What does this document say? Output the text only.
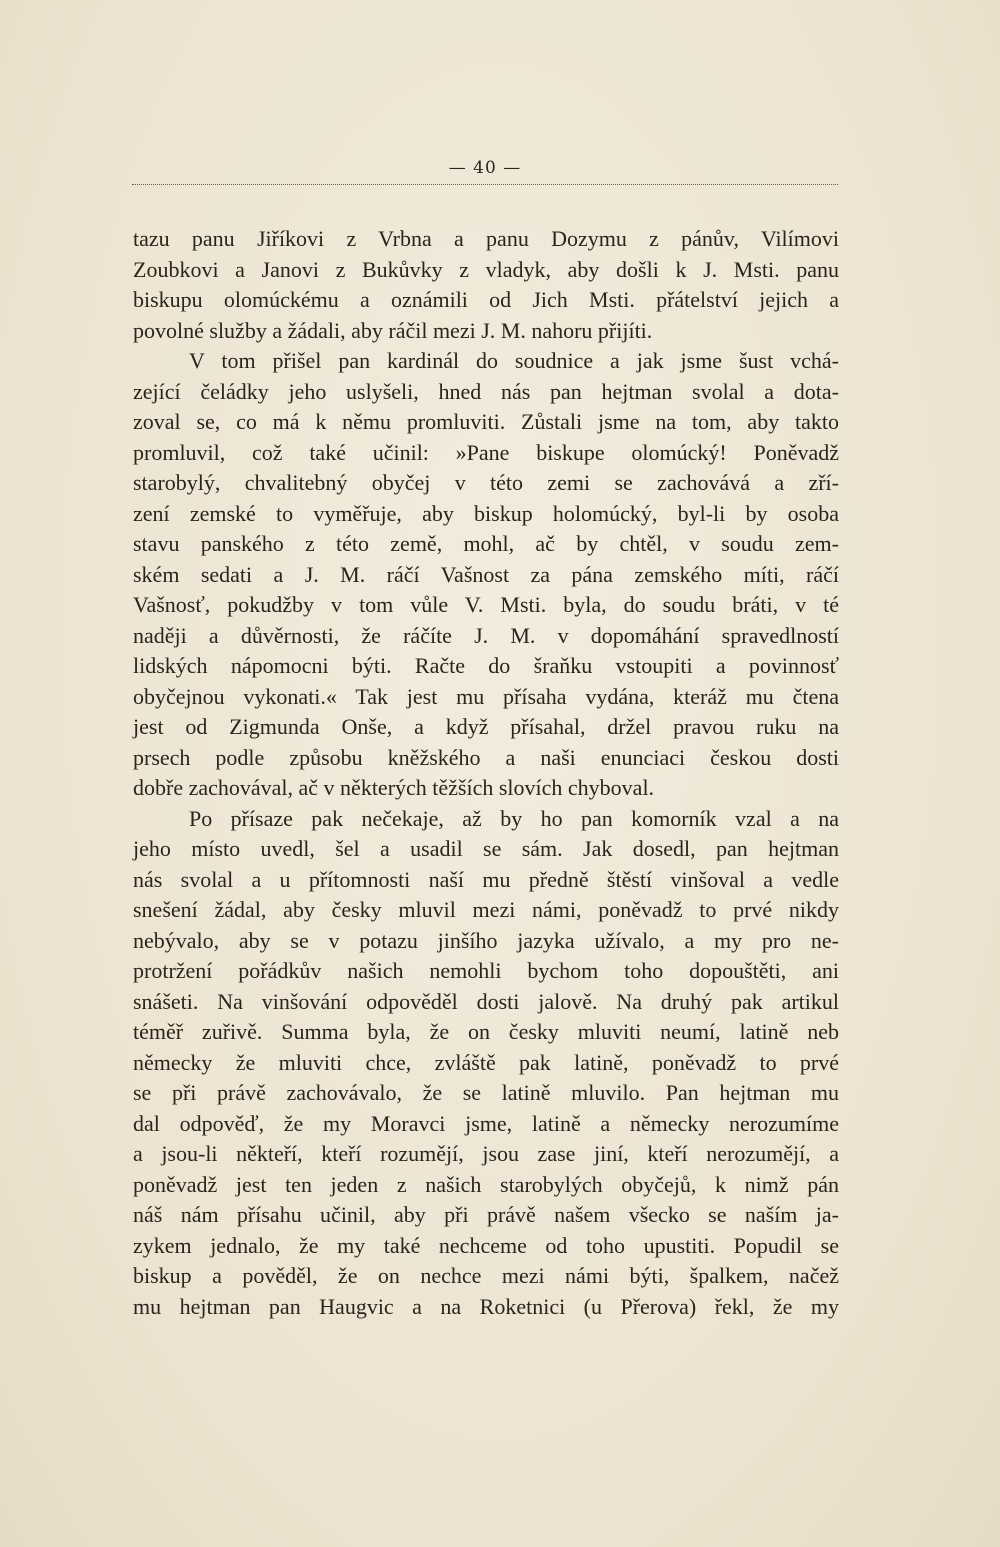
— 40 —
tazu panu Jiříkovi z Vrbna a panu Dozymu z pánův, Vilímovi
Zoubkovi a Janovi z Bukůvky z vladyk, aby došli k J. Msti. panu
biskupu olomúckému a oznámili od Jich Msti. přátelství jejich a
povolné služby a žádali, aby ráčil mezi J. M. nahoru přijíti.
V tom přišel pan kardinál do soudnice a jak jsme šust vchá-
zející čeládky jeho uslyšeli, hned nás pan hejtman svolal a dota-
zoval se, co má k němu promluviti. Zůstali jsme na tom, aby takto
promluvil, což také učinil: »Pane biskupe olomúcký! Poněvadž
starobylý, chvalitebný obyčej v této zemi se zachovává a zří-
zení zemské to vyměřuje, aby biskup holomúcký, byl-li by osoba
stavu panského z této země, mohl, ač by chtěl, v soudu zem-
ském sedati a J. M. ráčí Vašnost za pána zemského míti, ráčí
Vašnosť, pokudžby v tom vůle V. Msti. byla, do soudu bráti, v té
naději a důvěrnosti, že ráčíte J. M. v dopomáhání spravedlností
lidských nápomocni býti. Račte do šraňku vstoupiti a povinnosť
obyčejnou vykonati.« Tak jest mu přísaha vydána, kteráž mu čtena
jest od Zigmunda Onše, a když přísahal, držel pravou ruku na
prsech podle způsobu kněžského a naši enunciaci českou dosti
dobře zachovával, ač v některých těžších slovích chyboval.
Po přísaze pak nečekaje, až by ho pan komorník vzal a na
jeho místo uvedl, šel a usadil se sám. Jak dosedl, pan hejtman
nás svolal a u přítomnosti naší mu předně štěstí vinšoval a vedle
snešení žádal, aby česky mluvil mezi námi, poněvadž to prvé nikdy
nebývalo, aby se v potazu jinšího jazyka užívalo, a my pro ne-
protržení pořádkův našich nemohli bychom toho dopouštěti, ani
snášeti. Na vinšování odpověděl dosti jalově. Na druhý pak artikul
téměř zuřivě. Summa byla, že on česky mluviti neumí, latině neb
německy že mluviti chce, zvláště pak latině, poněvadž to prvé
se při právě zachovávalo, že se latině mluvilo. Pan hejtman mu
dal odpověď, že my Moravci jsme, latině a německy nerozumíme
a jsou-li někteří, kteří rozumějí, jsou zase jiní, kteří nerozumějí, a
poněvadž jest ten jeden z našich starobylých obyčejů, k nimž pán
náš nám přísahu učinil, aby při právě našem všecko se naším ja-
zykem jednalo, že my také nechceme od toho upustiti. Popudil se
biskup a pověděl, že on nechce mezi námi býti, špalkem, načež
mu hejtman pan Haugvic a na Roketnici (u Přerova) řekl, že my
